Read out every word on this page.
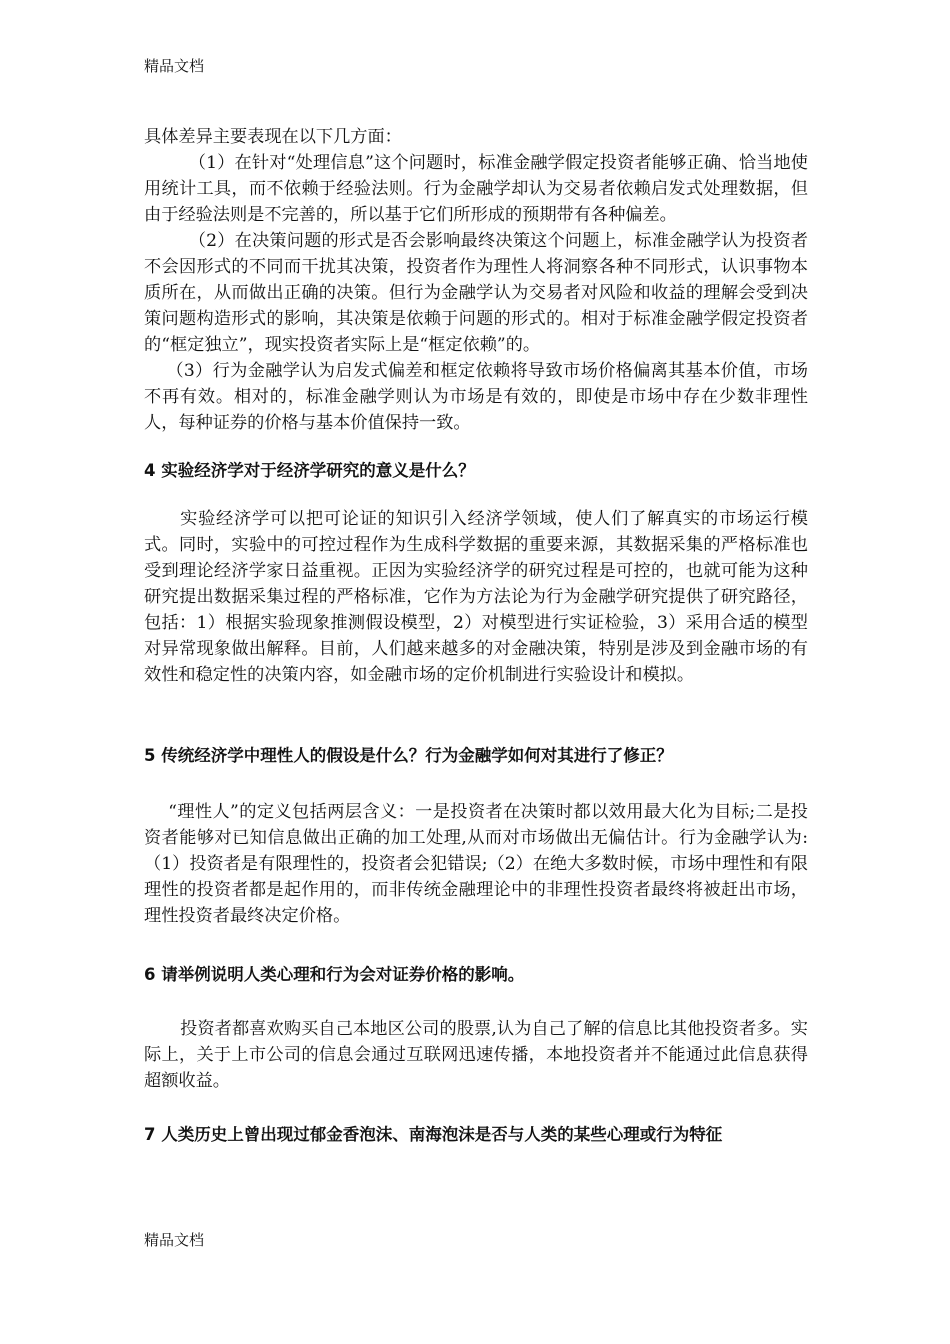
精品文档

具体差异主要表现在以下几方面：

（1）在针对“处理信息”这个问题时，标准金融学假定投资者能够正确、恰当地使用统计工具，而不依赖于经验法则。行为金融学却认为交易者依赖启发式处理数据，但由于经验法则是不完善的，所以基于它们所形成的预期带有各种偏差。

（2）在决策问题的形式是否会影响最终决策这个问题上，标准金融学认为投资者不会因形式的不同而干扰其决策，投资者作为理性人将洞察各种不同形式，认识事物本质所在，从而做出正确的决策。但行为金融学认为交易者对风险和收益的理解会受到决策问题构造形式的影响，其决策是依赖于问题的形式的。相对于标准金融学假定投资者的“框定独立”，现实投资者实际上是“框定依赖”的。

（3）行为金融学认为启发式偏差和框定依赖将导致市场价格偏离其基本价值，市场不再有效。相对的，标准金融学则认为市场是有效的，即使是市场中存在少数非理性人，每种证券的价格与基本价值保持一致。

4 实验经济学对于经济学研究的意义是什么？

实验经济学可以把可论证的知识引入经济学领域，使人们了解真实的市场运行模式。同时，实验中的可控过程作为生成科学数据的重要来源，其数据采集的严格标准也受到理论经济学家日益重视。正因为实验经济学的研究过程是可控的，也就可能为这种研究提出数据采集过程的严格标准，它作为方法论为行为金融学研究提供了研究路径，包括：1）根据实验现象推测假设模型，2）对模型进行实证检验，3）采用合适的模型对异常现象做出解释。目前，人们越来越多的对金融决策，特别是涉及到金融市场的有效性和稳定性的决策内容，如金融市场的定价机制进行实验设计和模拟。

5 传统经济学中理性人的假设是什么？行为金融学如何对其进行了修正？

“理性人”的定义包括两层含义：一是投资者在决策时都以效用最大化为目标;二是投资者能够对已知信息做出正确的加工处理,从而对市场做出无偏估计。行为金融学认为:（1）投资者是有限理性的，投资者会犯错误;（2）在绝大多数时候，市场中理性和有限理性的投资者都是起作用的，而非传统金融理论中的非理性投资者最终将被赶出市场，理性投资者最终决定价格。

6 请举例说明人类心理和行为会对证券价格的影响。

投资者都喜欢购买自己本地区公司的股票,认为自己了解的信息比其他投资者多。实际上，关于上市公司的信息会通过互联网迅速传播，本地投资者并不能通过此信息获得超额收益。

7 人类历史上曾出现过郁金香泡沫、南海泡沫是否与人类的某些心理或行为特征

精品文档
